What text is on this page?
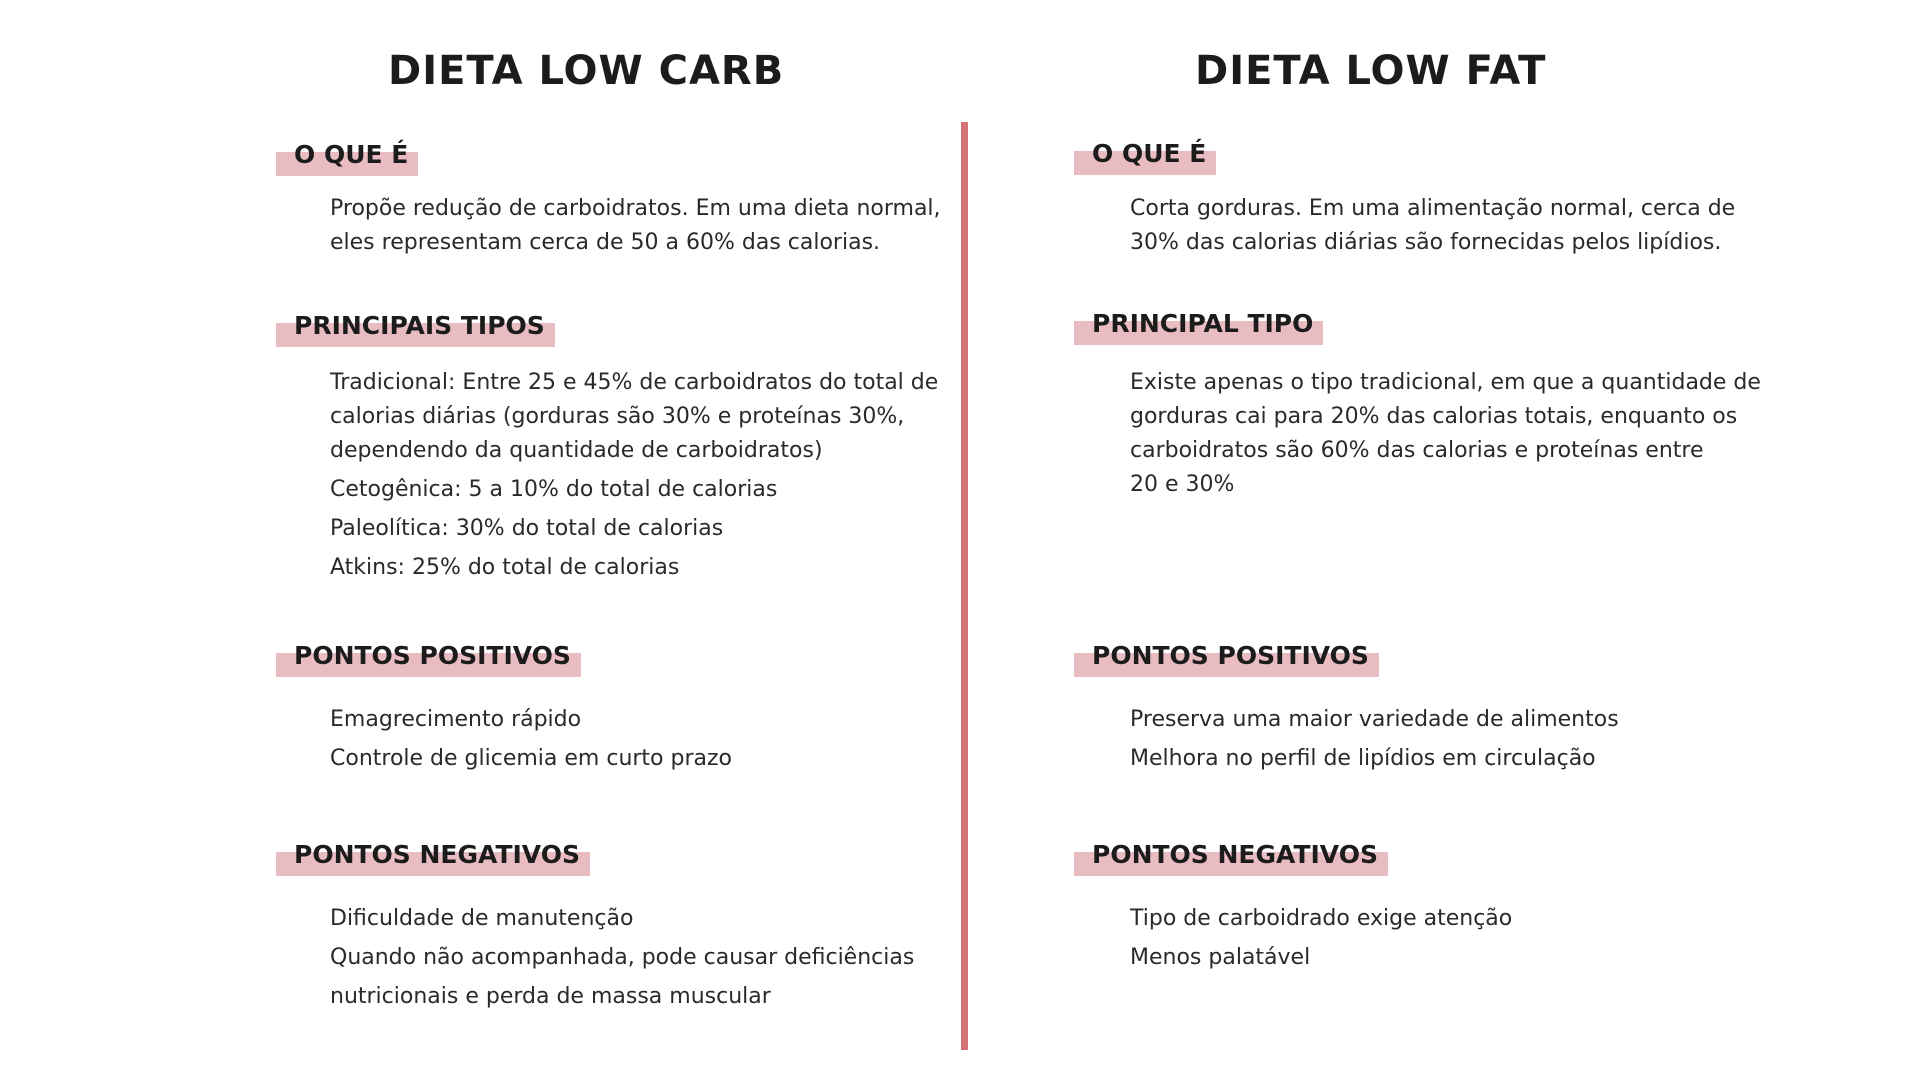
DIETA LOW CARB
O QUE É

Propõe redução de carboidratos. Em uma dieta normal,
eles representam cerca de 50 a 60% das calorias.

PRINCIPAIS TIPOS
Tradicional: Entre 25 e 45% de carboidratos do total de
calorias diárias (gorduras são 30% e proteínas 30%,
dependendo da quantidade de carboidratos)
Cetogênica: 5 a 10% do total de calorias
Paleolítica: 30% do total de calorias
Atkins: 25% do total de calorias
PONTOS POSITIVOS
Emagrecimento rápido
Controle de glicemia em curto prazo
PONTOS NEGATIVOS
Dificuldade de manutenção
Quando não acompanhada, pode causar deficiências
nutricionais e perda de massa muscular
DIETA LOW FAT
O QUE É

Corta gorduras. Em uma alimentação normal, cerca de
30% das calorias diárias são fornecidas pelos lipídios.

PRINCIPAL TIPO

Existe apenas o tipo tradicional, em que a quantidade de
gorduras cai para 20% das calorias totais, enquanto os
carboidratos são 60% das calorias e proteínas entre
20 e 30%

PONTOS POSITIVOS
Preserva uma maior variedade de alimentos
Melhora no perfil de lipídios em circulação
PONTOS NEGATIVOS
Tipo de carboidrado exige atenção
Menos palatável
